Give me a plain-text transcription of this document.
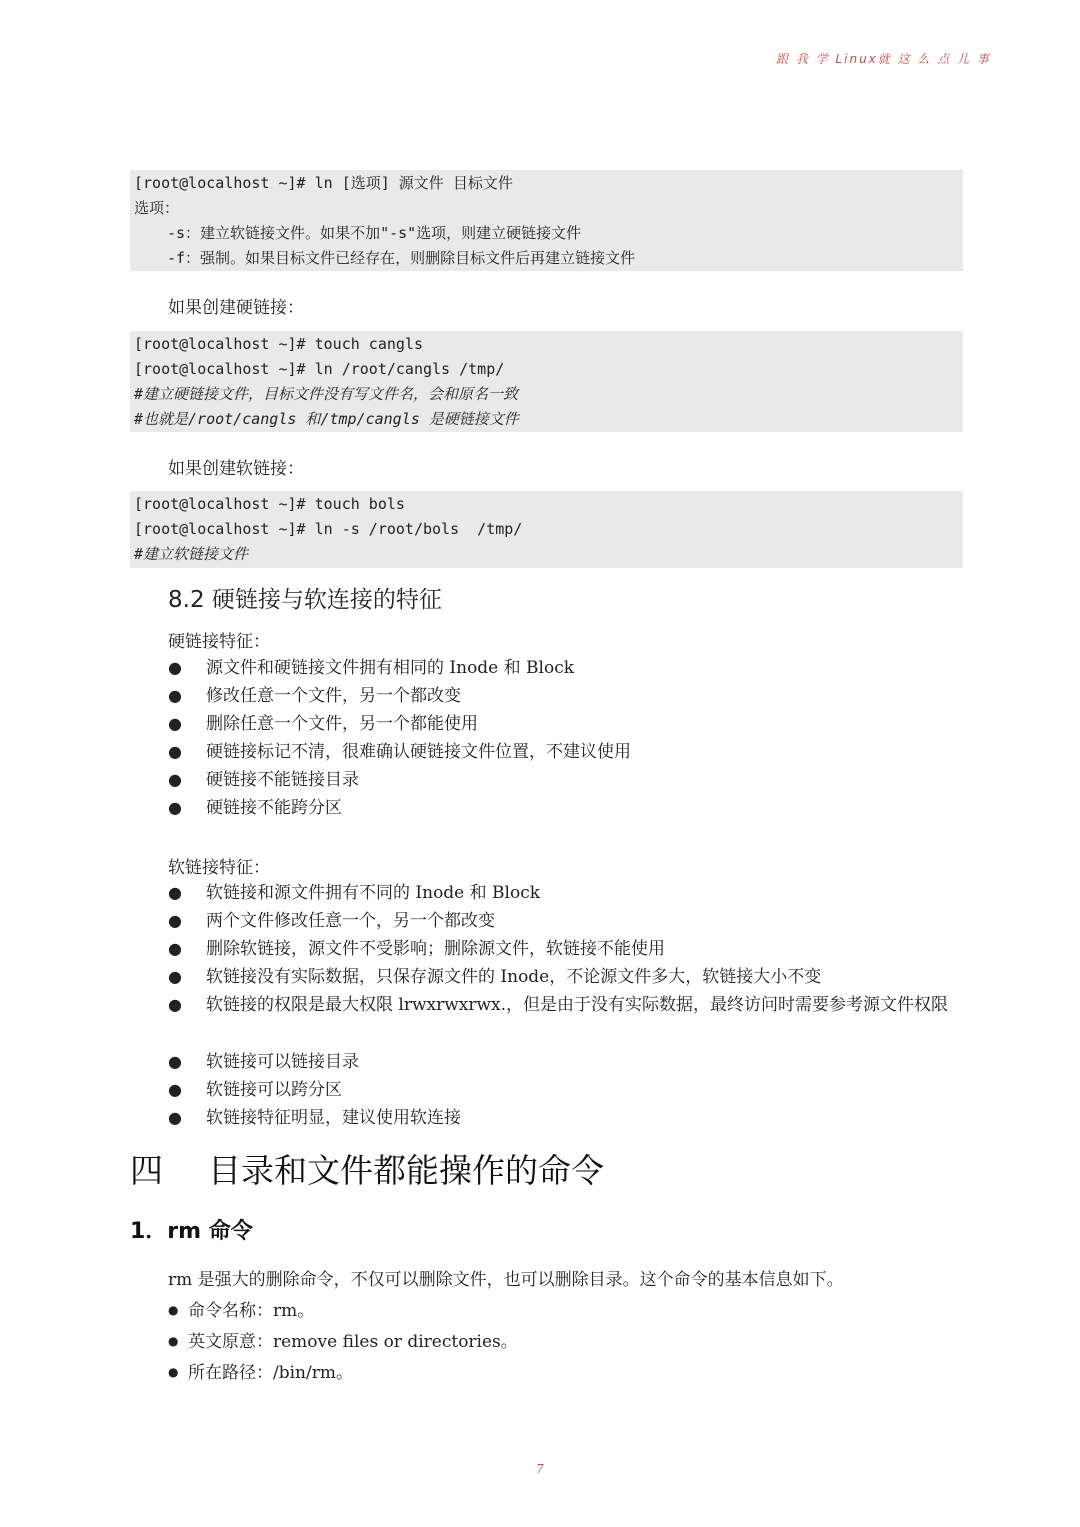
跟 我 学 Linux就 这 么 点 儿 事
[root@localhost ~]# ln [选项] 源文件 目标文件
选项：
-s：建立软链接文件。如果不加"-s"选项，则建立硬链接文件
-f：强制。如果目标文件已经存在，则删除目标文件后再建立链接文件
如果创建硬链接：
[root@localhost ~]# touch cangls
[root@localhost ~]# ln /root/cangls /tmp/
#建立硬链接文件，目标文件没有写文件名，会和原名一致
#也就是/root/cangls 和/tmp/cangls 是硬链接文件
如果创建软链接：
[root@localhost ~]# touch bols
[root@localhost ~]# ln -s /root/bols  /tmp/
#建立软链接文件
8.2 硬链接与软连接的特征
硬链接特征：
● 源文件和硬链接文件拥有相同的 Inode 和 Block
● 修改任意一个文件，另一个都改变
● 删除任意一个文件，另一个都能使用
● 硬链接标记不清，很难确认硬链接文件位置，不建议使用
● 硬链接不能链接目录
● 硬链接不能跨分区
软链接特征：
● 软链接和源文件拥有不同的 Inode 和 Block
● 两个文件修改任意一个，另一个都改变
● 删除软链接，源文件不受影响；删除源文件，软链接不能使用
● 软链接没有实际数据，只保存源文件的 Inode，不论源文件多大，软链接大小不变
● 软链接的权限是最大权限 lrwxrwxrwx.，但是由于没有实际数据，最终访问时需要参考源文件权限
● 软链接可以链接目录
● 软链接可以跨分区
● 软链接特征明显，建议使用软连接
四 目录和文件都能操作的命令
1．rm 命令
rm 是强大的删除命令，不仅可以删除文件，也可以删除目录。这个命令的基本信息如下。
● 命令名称：rm。
● 英文原意：remove files or directories。
● 所在路径：/bin/rm。
7
